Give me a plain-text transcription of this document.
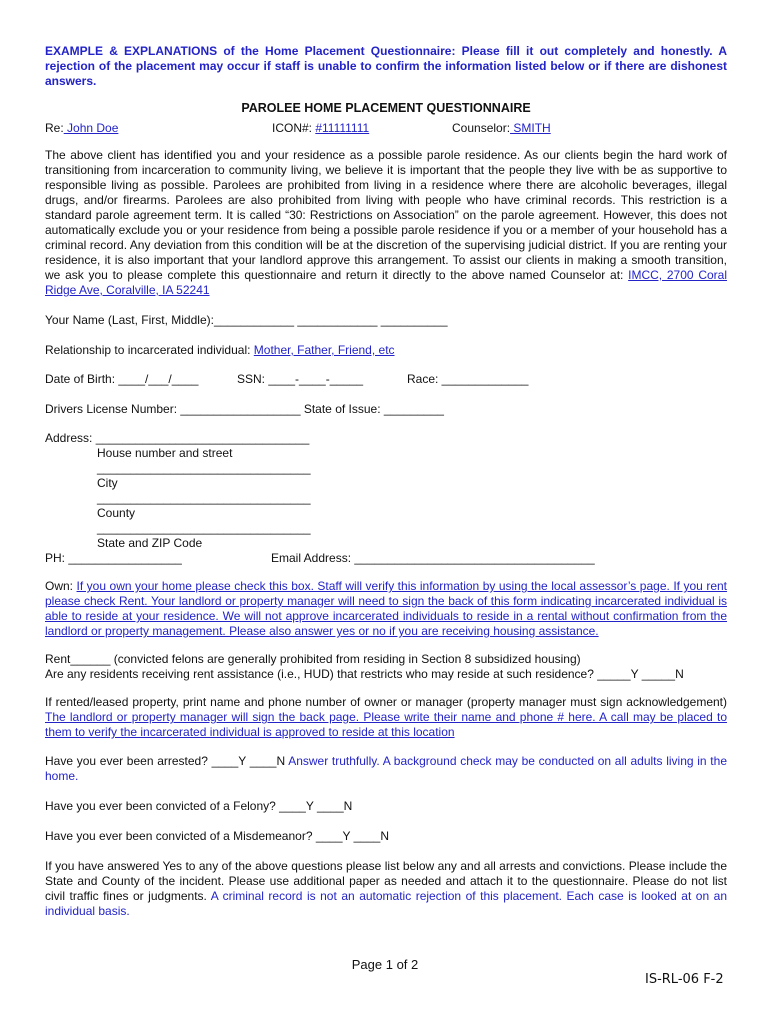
EXAMPLE & EXPLANATIONS of the Home Placement Questionnaire: Please fill it out completely and honestly. A rejection of the placement may occur if staff is unable to confirm the information listed below or if there are dishonest answers.
PAROLEE HOME PLACEMENT QUESTIONNAIRE
Re: John Doe	ICON#: #11111111	Counselor: SMITH
The above client has identified you and your residence as a possible parole residence. As our clients begin the hard work of transitioning from incarceration to community living, we believe it is important that the people they live with be as supportive to responsible living as possible. Parolees are prohibited from living in a residence where there are alcoholic beverages, illegal drugs, and/or firearms. Parolees are also prohibited from living with people who have criminal records. This restriction is a standard parole agreement term. It is called “30: Restrictions on Association” on the parole agreement. However, this does not automatically exclude you or your residence from being a possible parole residence if you or a member of your household has a criminal record. Any deviation from this condition will be at the discretion of the supervising judicial district. If you are renting your residence, it is also important that your landlord approve this arrangement. To assist our clients in making a smooth transition, we ask you to please complete this questionnaire and return it directly to the above named Counselor at: IMCC, 2700 Coral Ridge Ave, Coralville, IA 52241
Your Name (Last, First, Middle):____________ ____________ __________
Relationship to incarcerated individual: Mother, Father, Friend, etc
Date of Birth: ____/___/____	SSN: ____-____-_____	Race: _____________
Drivers License Number: __________________ State of Issue: _________
Address: ________________________________
House number and street
________________________________
City
________________________________
County
________________________________
State and ZIP Code
PH: _________________	Email Address: ____________________________________
Own: If you own your home please check this box. Staff will verify this information by using the local assessor’s page. If you rent please check Rent. Your landlord or property manager will need to sign the back of this form indicating incarcerated individual is able to reside at your residence. We will not approve incarcerated individuals to reside in a rental without confirmation from the landlord or property management. Please also answer yes or no if you are receiving housing assistance.
Rent______ (convicted felons are generally prohibited from residing in Section 8 subsidized housing)
Are any residents receiving rent assistance (i.e., HUD) that restricts who may reside at such residence? _____Y _____N
If rented/leased property, print name and phone number of owner or manager (property manager must sign acknowledgement) The landlord or property manager will sign the back page. Please write their name and phone # here. A call may be placed to them to verify the incarcerated individual is approved to reside at this location
Have you ever been arrested? ____Y ____N Answer truthfully. A background check may be conducted on all adults living in the home.
Have you ever been convicted of a Felony? ____Y ____N
Have you ever been convicted of a Misdemeanor? ____Y ____N
If you have answered Yes to any of the above questions please list below any and all arrests and convictions. Please include the State and County of the incident. Please use additional paper as needed and attach it to the questionnaire. Please do not list civil traffic fines or judgments. A criminal record is not an automatic rejection of this placement. Each case is looked at on an individual basis.
Page 1 of 2
IS-RL-06 F-2
